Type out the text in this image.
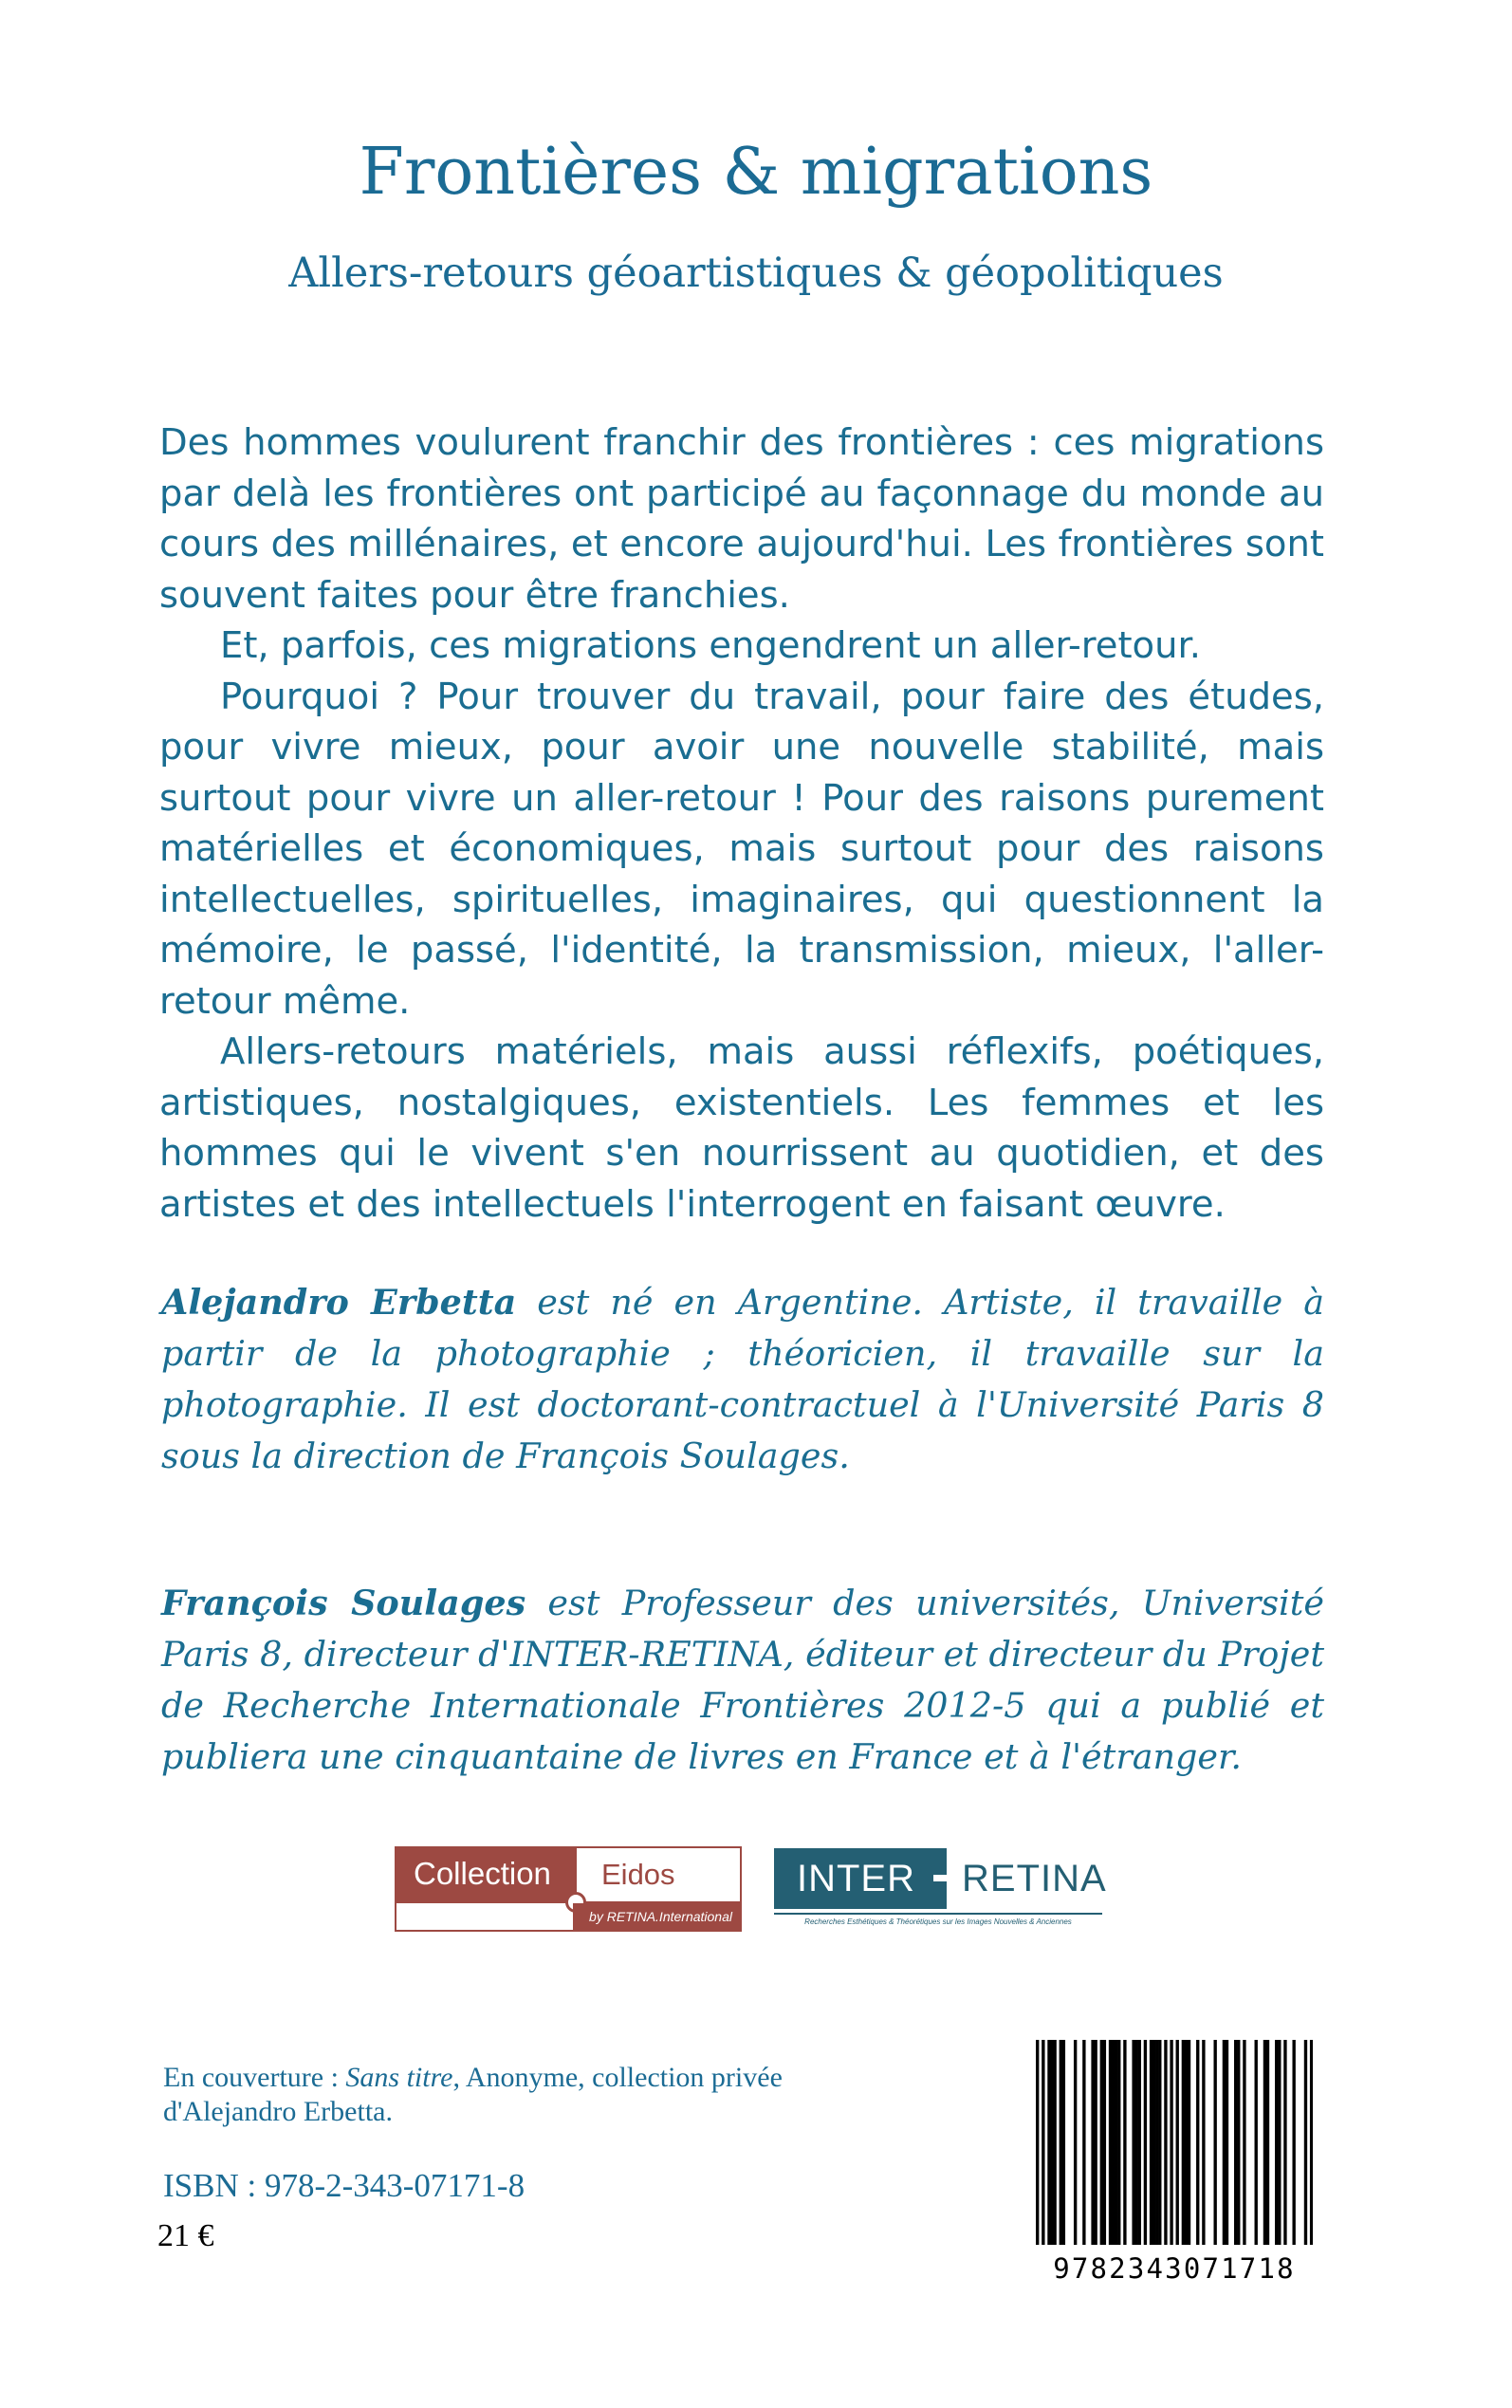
Frontières & migrations
Allers-retours géoartistiques & géopolitiques

Des hommes voulurent franchir des frontières : ces migrations par delà les frontières ont participé au façonnage du monde au cours des millénaires, et encore aujourd'hui. Les frontières sont souvent faites pour être franchies.

Et, parfois, ces migrations engendrent un aller-retour.

Pourquoi ? Pour trouver du travail, pour faire des études, pour vivre mieux, pour avoir une nouvelle stabilité, mais surtout pour vivre un aller-retour ! Pour des raisons purement matérielles et économiques, mais surtout pour des raisons intellectuelles, spirituelles, imaginaires, qui questionnent la mémoire, le passé, l'identité, la transmission, mieux, l'aller-retour même.

Allers-retours matériels, mais aussi réflexifs, poétiques, artistiques, nostalgiques, existentiels. Les femmes et les hommes qui le vivent s'en nourrissent au quotidien, et des artistes et des intellectuels l'interrogent en faisant œuvre.

Alejandro Erbetta est né en Argentine. Artiste, il travaille à partir de la photographie ; théoricien, il travaille sur la photographie. Il est doctorant-contractuel à l'Université Paris 8 sous la direction de François Soulages.

François Soulages est Professeur des universités, Université Paris 8, directeur d'INTER-RETINA, éditeur et directeur du Projet de Recherche Internationale Frontières 2012-5 qui a publié et publiera une cinquantaine de livres en France et à l'étranger.

Collection	Eidos
by RETINA.International
INTER	RETINA
Recherches Esthétiques & Théorétiques sur les Images Nouvelles & Anciennes

En couverture : Sans titre, Anonyme, collection privée d'Alejandro Erbetta.

ISBN : 978-2-343-07171-8

21 €

9782343071718
